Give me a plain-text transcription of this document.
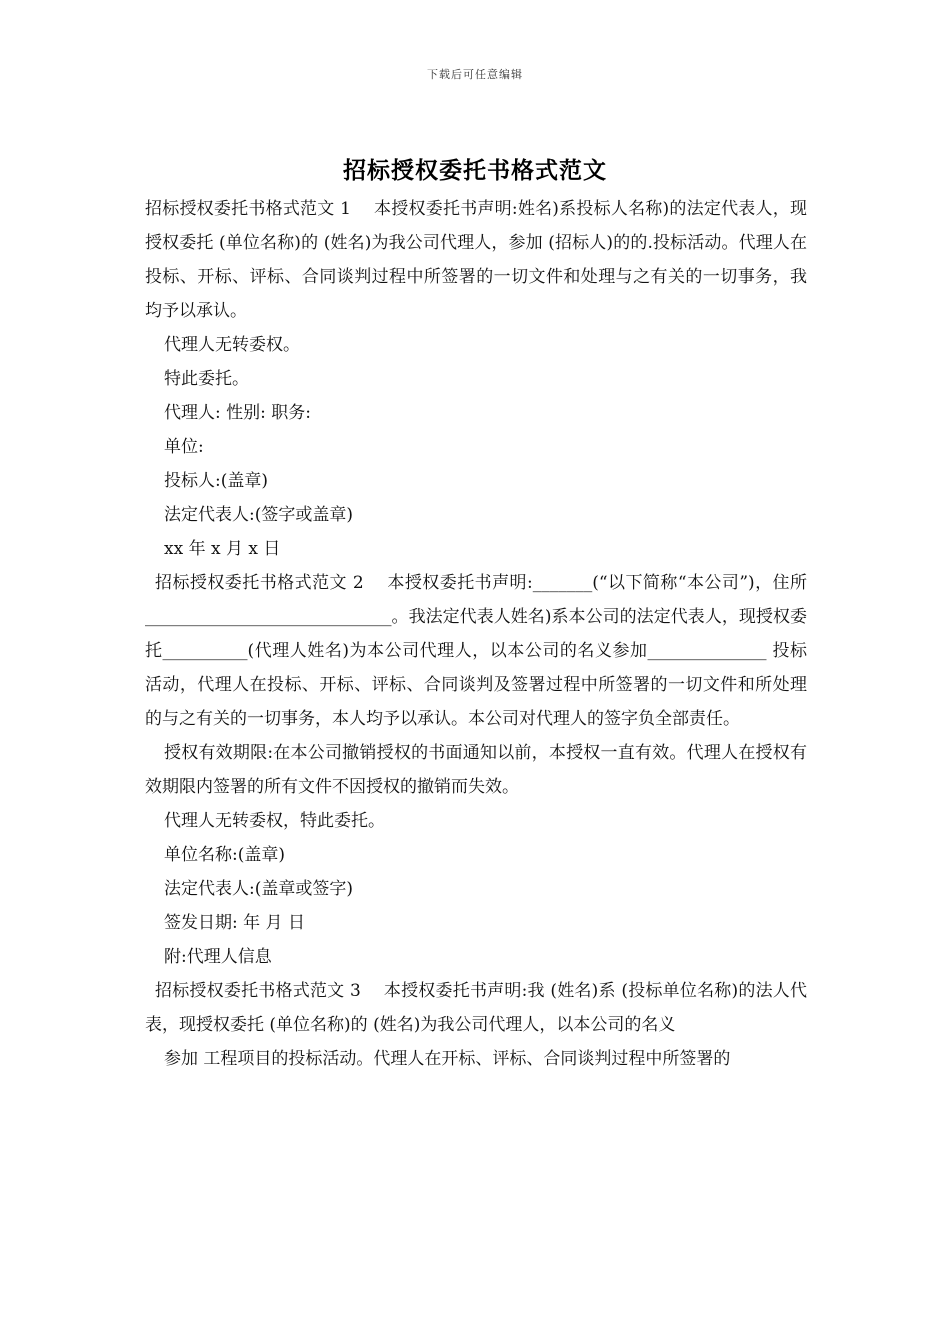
下载后可任意编辑
招标授权委托书格式范文

招标授权委托书格式范文 1　 本授权委托书声明:姓名)系投标人名称)的法定代表人，现授权委托 (单位名称)的 (姓名)为我公司代理人，参加 (招标人)的的.投标活动。代理人在投标、开标、评标、合同谈判过程中所签署的一切文件和处理与之有关的一切事务，我均予以承认。

代理人无转委权。

特此委托。

代理人: 性别: 职务:

单位:

投标人:(盖章)

法定代表人:(签字或盖章)

xx 年 x 月 x 日

招标授权委托书格式范文 2　 本授权委托书声明:_______(“以下简称“本公司”)，住所_____________________________。我法定代表人姓名)系本公司的法定代表人，现授权委托__________(代理人姓名)为本公司代理人，以本公司的名义参加______________ 投标活动，代理人在投标、开标、评标、合同谈判及签署过程中所签署的一切文件和所处理的与之有关的一切事务，本人均予以承认。本公司对代理人的签字负全部责任。

授权有效期限:在本公司撤销授权的书面通知以前，本授权一直有效。代理人在授权有效期限内签署的所有文件不因授权的撤销而失效。

代理人无转委权，特此委托。

单位名称:(盖章)

法定代表人:(盖章或签字)

签发日期: 年 月 日

附:代理人信息

招标授权委托书格式范文 3　 本授权委托书声明:我 (姓名)系 (投标单位名称)的法人代表，现授权委托 (单位名称)的 (姓名)为我公司代理人，以本公司的名义

参加 工程项目的投标活动。代理人在开标、评标、合同谈判过程中所签署的
